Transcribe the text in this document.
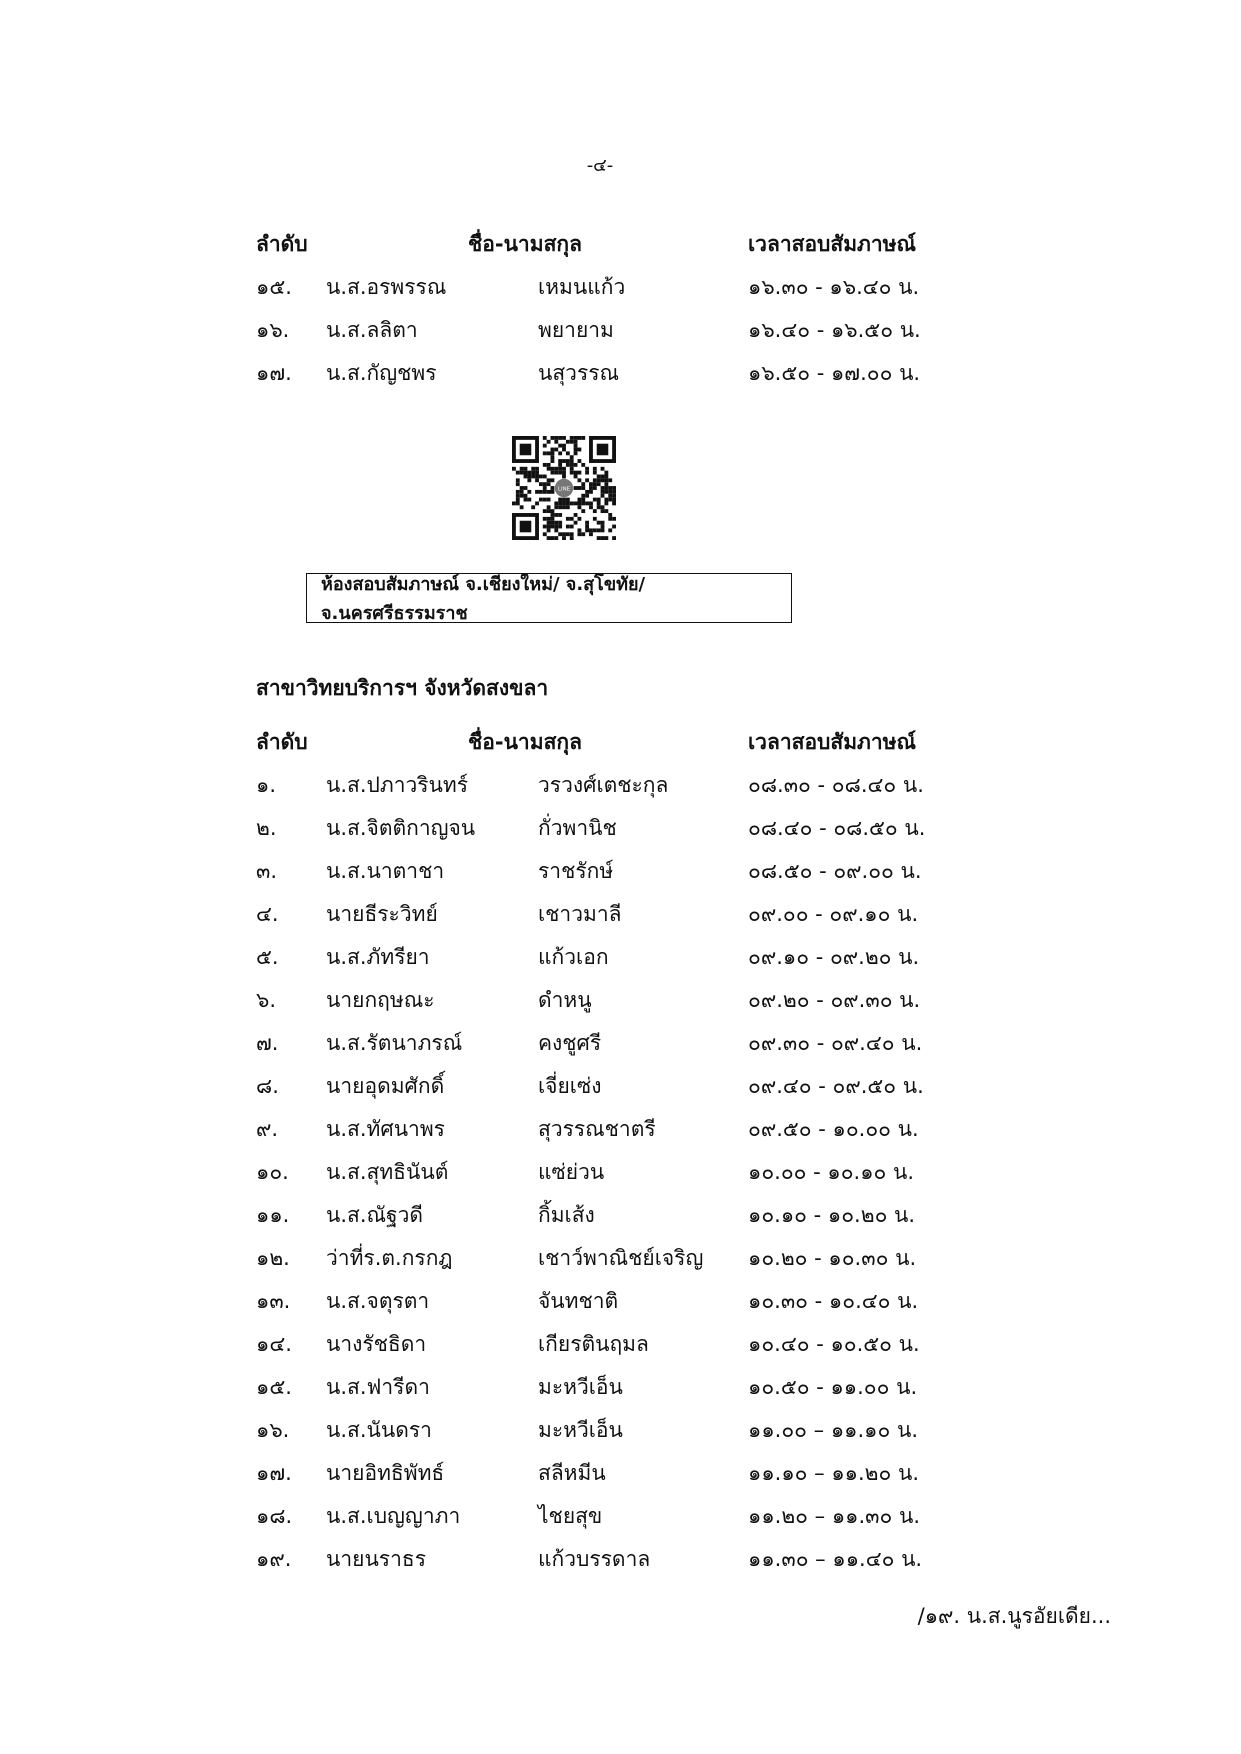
-๔-
ลำดับ	ชื่อ-นามสกุล	เวลาสอบสัมภาษณ์
๑๕. น.ส.อรพรรณ	เหมนแก้ว	๑๖.๓๐ - ๑๖.๔๐ น.
๑๖. น.ส.ลลิตา	พยายาม	๑๖.๔๐ - ๑๖.๕๐ น.
๑๗. น.ส.กัญชพร	นสุวรรณ	๑๖.๕๐ - ๑๗.๐๐ น.
LINE
ห้องสอบสัมภาษณ์ จ.เชียงใหม่/ จ.สุโขทัย/ จ.นครศรีธรรมราช
สาขาวิทยบริการฯ จังหวัดสงขลา
ลำดับ	ชื่อ-นามสกุล	เวลาสอบสัมภาษณ์
๑. น.ส.ปภาวรินทร์	วรวงศ์เตชะกุล	๐๘.๓๐ - ๐๘.๔๐ น.
๒. น.ส.จิตติกาญจน	กั่วพานิช	๐๘.๔๐ - ๐๘.๕๐ น.
๓. น.ส.นาตาชา	ราชรักษ์	๐๘.๕๐ - ๐๙.๐๐ น.
๔. นายธีระวิทย์	เชาวมาลี	๐๙.๐๐ - ๐๙.๑๐ น.
๕. น.ส.ภัทรียา	แก้วเอก	๐๙.๑๐ - ๐๙.๒๐ น.
๖. นายกฤษณะ	ดำหนู	๐๙.๒๐ - ๐๙.๓๐ น.
๗. น.ส.รัตนาภรณ์	คงชูศรี	๐๙.๓๐ - ๐๙.๔๐ น.
๘. นายอุดมศักดิ์	เจี่ยเซ่ง	๐๙.๔๐ - ๐๙.๕๐ น.
๙. น.ส.ทัศนาพร	สุวรรณชาตรี	๐๙.๕๐ - ๑๐.๐๐ น.
๑๐. น.ส.สุทธินันต์	แซ่ย่วน	๑๐.๐๐ - ๑๐.๑๐ น.
๑๑. น.ส.ณัฐวดี	กิ้มเส้ง	๑๐.๑๐ - ๑๐.๒๐ น.
๑๒. ว่าที่ร.ต.กรกฎ	เชาว์พาณิชย์เจริญ ๑๐.๒๐ - ๑๐.๓๐ น.
๑๓. น.ส.จตุรตา	จันทชาติ	๑๐.๓๐ - ๑๐.๔๐ น.
๑๔. นางรัชธิดา	เกียรตินฤมล	๑๐.๔๐ - ๑๐.๕๐ น.
๑๕. น.ส.ฟารีดา	มะหวีเอ็น	๑๐.๕๐ - ๑๑.๐๐ น.
๑๖. น.ส.นันดรา	มะหวีเอ็น	๑๑.๐๐ – ๑๑.๑๐ น.
๑๗. นายอิทธิพัทธ์	สลีหมีน	๑๑.๑๐ – ๑๑.๒๐ น.
๑๘. น.ส.เบญญาภา	ไชยสุข	๑๑.๒๐ – ๑๑.๓๐ น.
๑๙. นายนราธร	แก้วบรรดาล	๑๑.๓๐ – ๑๑.๔๐ น.
/๑๙. น.ส.นูรอัยเดีย...
